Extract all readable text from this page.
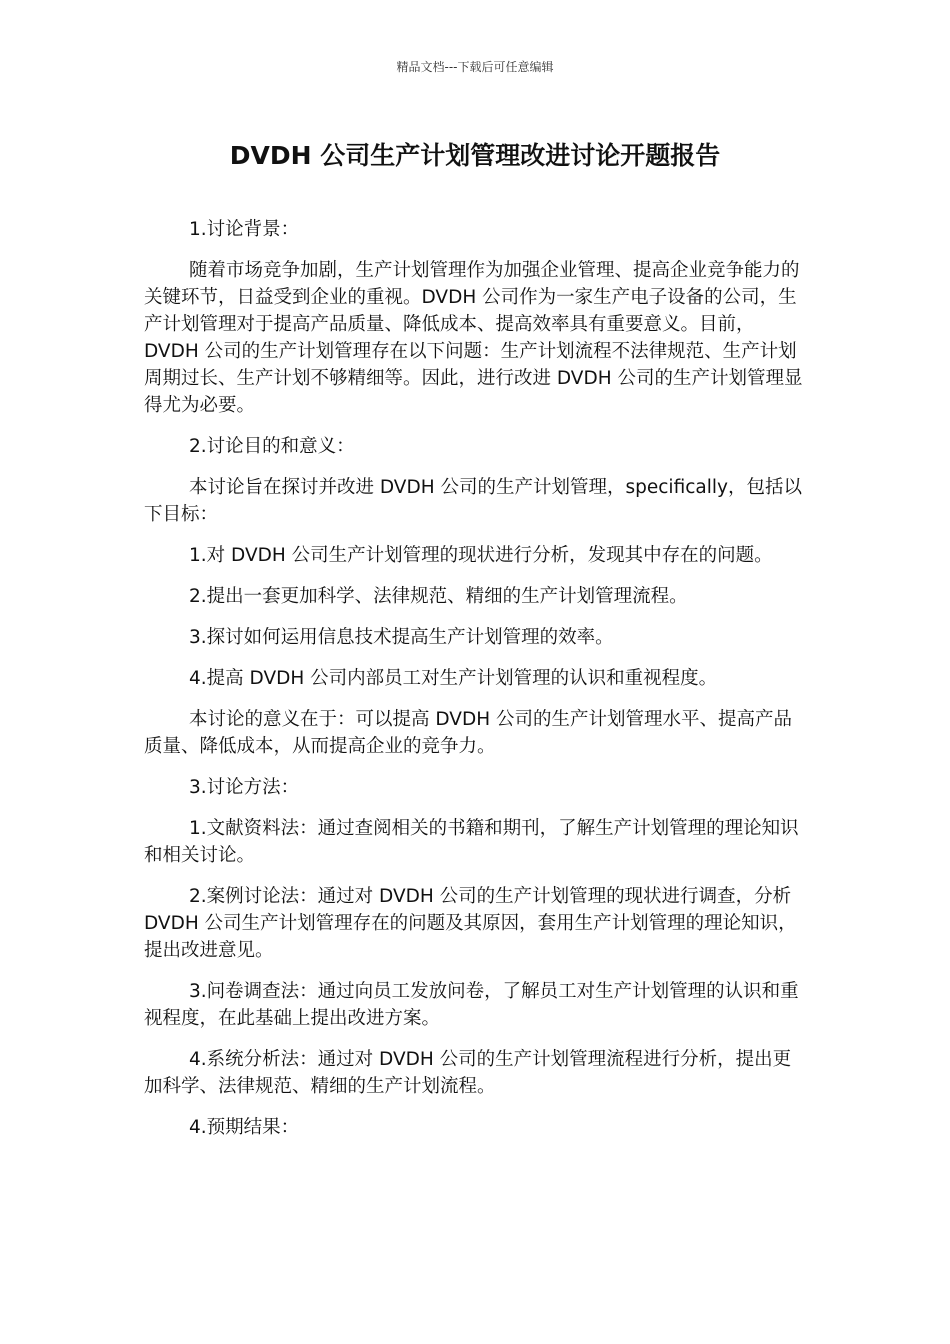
精品文档---下载后可任意编辑
DVDH 公司生产计划管理改进讨论开题报告

1.讨论背景：

随着市场竞争加剧，生产计划管理作为加强企业管理、提高企业竞争能力的关键环节，日益受到企业的重视。DVDH 公司作为一家生产电子设备的公司，生产计划管理对于提高产品质量、降低成本、提高效率具有重要意义。目前，DVDH 公司的生产计划管理存在以下问题：生产计划流程不法律规范、生产计划周期过长、生产计划不够精细等。因此，进行改进 DVDH 公司的生产计划管理显得尤为必要。

2.讨论目的和意义：

本讨论旨在探讨并改进 DVDH 公司的生产计划管理，specifically，包括以下目标：

1.对 DVDH 公司生产计划管理的现状进行分析，发现其中存在的问题。

2.提出一套更加科学、法律规范、精细的生产计划管理流程。

3.探讨如何运用信息技术提高生产计划管理的效率。

4.提高 DVDH 公司内部员工对生产计划管理的认识和重视程度。

本讨论的意义在于：可以提高 DVDH 公司的生产计划管理水平、提高产品质量、降低成本，从而提高企业的竞争力。

3.讨论方法：

1.文献资料法：通过查阅相关的书籍和期刊，了解生产计划管理的理论知识和相关讨论。

2.案例讨论法：通过对 DVDH 公司的生产计划管理的现状进行调查，分析 DVDH 公司生产计划管理存在的问题及其原因，套用生产计划管理的理论知识，提出改进意见。

3.问卷调查法：通过向员工发放问卷，了解员工对生产计划管理的认识和重视程度，在此基础上提出改进方案。

4.系统分析法：通过对 DVDH 公司的生产计划管理流程进行分析，提出更加科学、法律规范、精细的生产计划流程。

4.预期结果：
